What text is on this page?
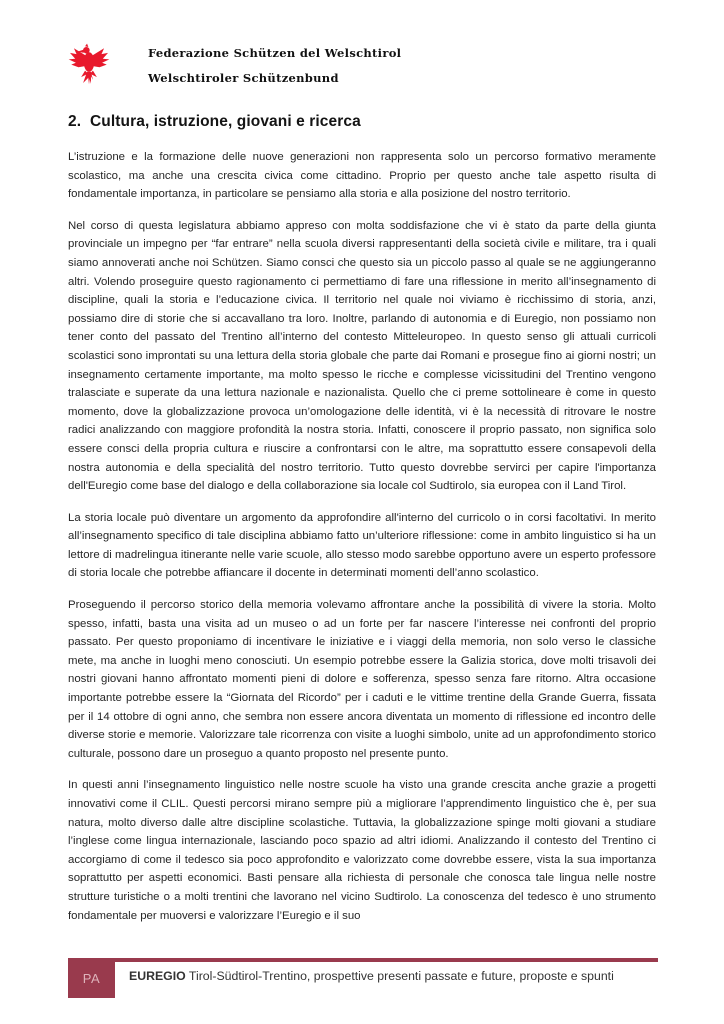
Federazione Schützen del Welschtirol
Welschtiroler Schützenbund
2. Cultura, istruzione, giovani e ricerca

L’istruzione e la formazione delle nuove generazioni non rappresenta solo un percorso formativo meramente scolastico, ma anche una crescita civica come cittadino. Proprio per questo anche tale aspetto risulta di fondamentale importanza, in particolare se pensiamo alla storia e alla posizione del nostro territorio.

Nel corso di questa legislatura abbiamo appreso con molta soddisfazione che vi è stato da parte della giunta provinciale un impegno per “far entrare” nella scuola diversi rappresentanti della società civile e militare, tra i quali siamo annoverati anche noi Schützen. Siamo consci che questo sia un piccolo passo al quale se ne aggiungeranno altri. Volendo proseguire questo ragionamento ci permettiamo di fare una riflessione in merito all’insegnamento di discipline, quali la storia e l’educazione civica. Il territorio nel quale noi viviamo è ricchissimo di storia, anzi, possiamo dire di storie che si accavallano tra loro. Inoltre, parlando di autonomia e di Euregio, non possiamo non tener conto del passato del Trentino all’interno del contesto Mitteleuropeo. In questo senso gli attuali curricoli scolastici sono improntati su una lettura della storia globale che parte dai Romani e prosegue fino ai giorni nostri; un insegnamento certamente importante, ma molto spesso le ricche e complesse vicissitudini del Trentino vengono tralasciate e superate da una lettura nazionale e nazionalista. Quello che ci preme sottolineare è come in questo momento, dove la globalizzazione provoca un’omologazione delle identità, vi è la necessità di ritrovare le nostre radici analizzando con maggiore profondità la nostra storia. Infatti, conoscere il proprio passato, non significa solo essere consci della propria cultura e riuscire a confrontarsi con le altre, ma soprattutto essere consapevoli della nostra autonomia e della specialità del nostro territorio. Tutto questo dovrebbe servirci per capire l'importanza dell'Euregio come base del dialogo e della collaborazione sia locale col Sudtirolo, sia europea con il Land Tirol.

La storia locale può diventare un argomento da approfondire all'interno del curricolo o in corsi facoltativi. In merito all’insegnamento specifico di tale disciplina abbiamo fatto un’ulteriore riflessione: come in ambito linguistico si ha un lettore di madrelingua itinerante nelle varie scuole, allo stesso modo sarebbe opportuno avere un esperto professore di storia locale che potrebbe affiancare il docente in determinati momenti dell’anno scolastico.

Proseguendo il percorso storico della memoria volevamo affrontare anche la possibilità di vivere la storia. Molto spesso, infatti, basta una visita ad un museo o ad un forte per far nascere l’interesse nei confronti del proprio passato. Per questo proponiamo di incentivare le iniziative e i viaggi della memoria, non solo verso le classiche mete, ma anche in luoghi meno conosciuti. Un esempio potrebbe essere la Galizia storica, dove molti trisavoli dei nostri giovani hanno affrontato momenti pieni di dolore e sofferenza, spesso senza fare ritorno. Altra occasione importante potrebbe essere la “Giornata del Ricordo” per i caduti e le vittime trentine della Grande Guerra, fissata per il 14 ottobre di ogni anno, che sembra non essere ancora diventata un momento di riflessione ed incontro delle diverse storie e memorie. Valorizzare tale ricorrenza con visite a luoghi simbolo, unite ad un approfondimento storico culturale, possono dare un proseguo a quanto proposto nel presente punto.

In questi anni l’insegnamento linguistico nelle nostre scuole ha visto una grande crescita anche grazie a progetti innovativi come il CLIL. Questi percorsi mirano sempre più a migliorare l’apprendimento linguistico che è, per sua natura, molto diverso dalle altre discipline scolastiche. Tuttavia, la globalizzazione spinge molti giovani a studiare l’inglese come lingua internazionale, lasciando poco spazio ad altri idiomi. Analizzando il contesto del Trentino ci accorgiamo di come il tedesco sia poco approfondito e valorizzato come dovrebbe essere, vista la sua importanza soprattutto per aspetti economici. Basti pensare alla richiesta di personale che conosca tale lingua nelle nostre strutture turistiche o a molti trentini che lavorano nel vicino Sudtirolo. La conoscenza del tedesco è uno strumento fondamentale per muoversi e valorizzare l’Euregio e il suo

PA	EUREGIO Tirol-Südtirol-Trentino, prospettive presenti passate e future, proposte e spunti
